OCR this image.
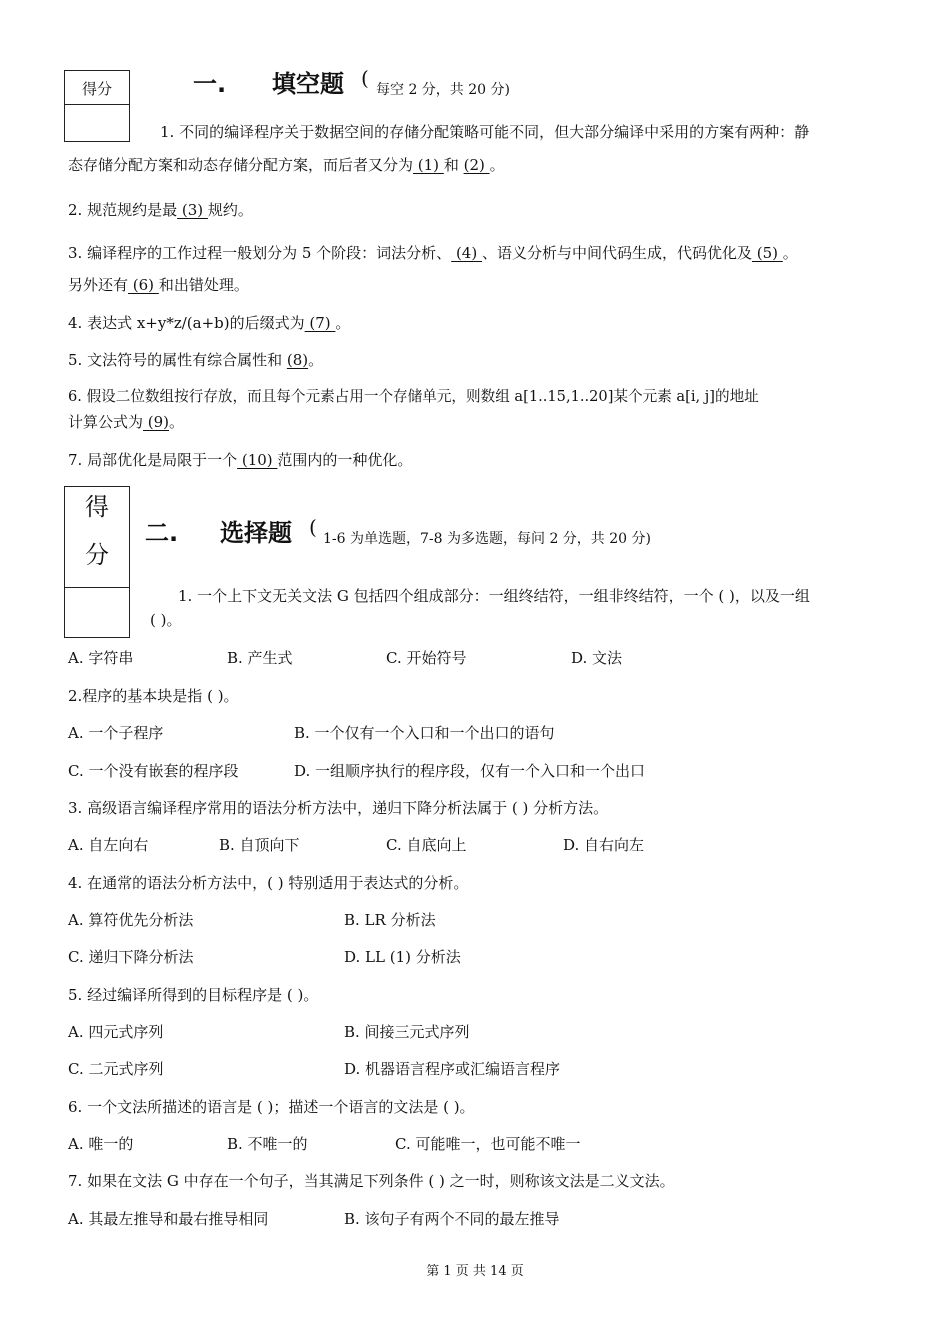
得分	一. 填空题 ( 每空 2 分，共 20 分)
1. 不同的编译程序关于数据空间的存储分配策略可能不同，但大部分编译中采用的方案有两种：静
态存储分配方案和动态存储分配方案，而后者又分为 (1) 和 (2) 。
2. 规范规约是最 (3) 规约。
3. 编译程序的工作过程一般划分为 5 个阶段：词法分析、 (4) 、语义分析与中间代码生成，代码优化及 (5) 。
另外还有 (6) 和出错处理。
4. 表达式 x+y*z/(a+b)的后缀式为 (7) 。
5. 文法符号的属性有综合属性和 (8)。
6. 假设二位数组按行存放，而且每个元素占用一个存储单元，则数组 a[1..15,1..20]某个元素 a[i, j]的地址
计算公式为 (9)。
7. 局部优化是局限于一个 (10) 范围内的一种优化。
得
分
二. 选择题 ( 1-6 为单选题，7-8 为多选题，每问 2 分，共 20 分)
1. 一个上下文无关文法 G 包括四个组成部分：一组终结符，一组非终结符，一个 ( )，以及一组
( )。
A. 字符串	B. 产生式	C. 开始符号	D. 文法
2.程序的基本块是指 ( )。
A. 一个子程序	B. 一个仅有一个入口和一个出口的语句
C. 一个没有嵌套的程序段	D. 一组顺序执行的程序段，仅有一个入口和一个出口
3. 高级语言编译程序常用的语法分析方法中，递归下降分析法属于 ( ) 分析方法。
A. 自左向右	B. 自顶向下	C. 自底向上	D. 自右向左
4. 在通常的语法分析方法中，( ) 特别适用于表达式的分析。
A. 算符优先分析法	B. LR 分析法
C. 递归下降分析法	D. LL (1) 分析法
5. 经过编译所得到的目标程序是 ( )。
A. 四元式序列	B. 间接三元式序列
C. 二元式序列	D. 机器语言程序或汇编语言程序
6. 一个文法所描述的语言是 ( )；描述一个语言的文法是 ( )。
A. 唯一的	B. 不唯一的	C. 可能唯一，也可能不唯一
7. 如果在文法 G 中存在一个句子，当其满足下列条件 ( ) 之一时，则称该文法是二义文法。
A. 其最左推导和最右推导相同	B. 该句子有两个不同的最左推导
第 1 页 共 14 页
